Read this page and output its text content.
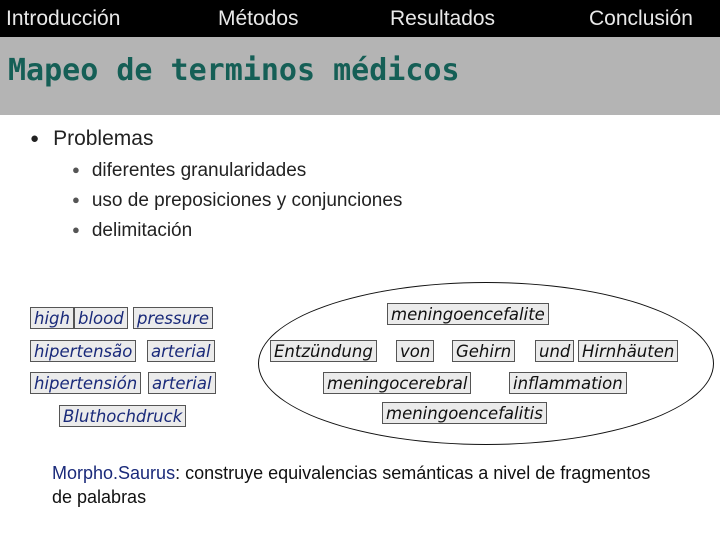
Introducción	Métodos	Resultados	Conclusión
Mapeo de terminos médicos
● Problemas
● diferentes granularidades
● uso de preposiciones y conjunciones
● delimitación
high blood pressure
hipertensão arterial
hipertensión arterial
Bluthochdruck
meningoencefalite
Entzündung von Gehirn und Hirnhäuten
meningocerebral	inflammation
meningoencefalitis
Morpho.Saurus: construye equivalencias semánticas a nivel de fragmentos de palabras
